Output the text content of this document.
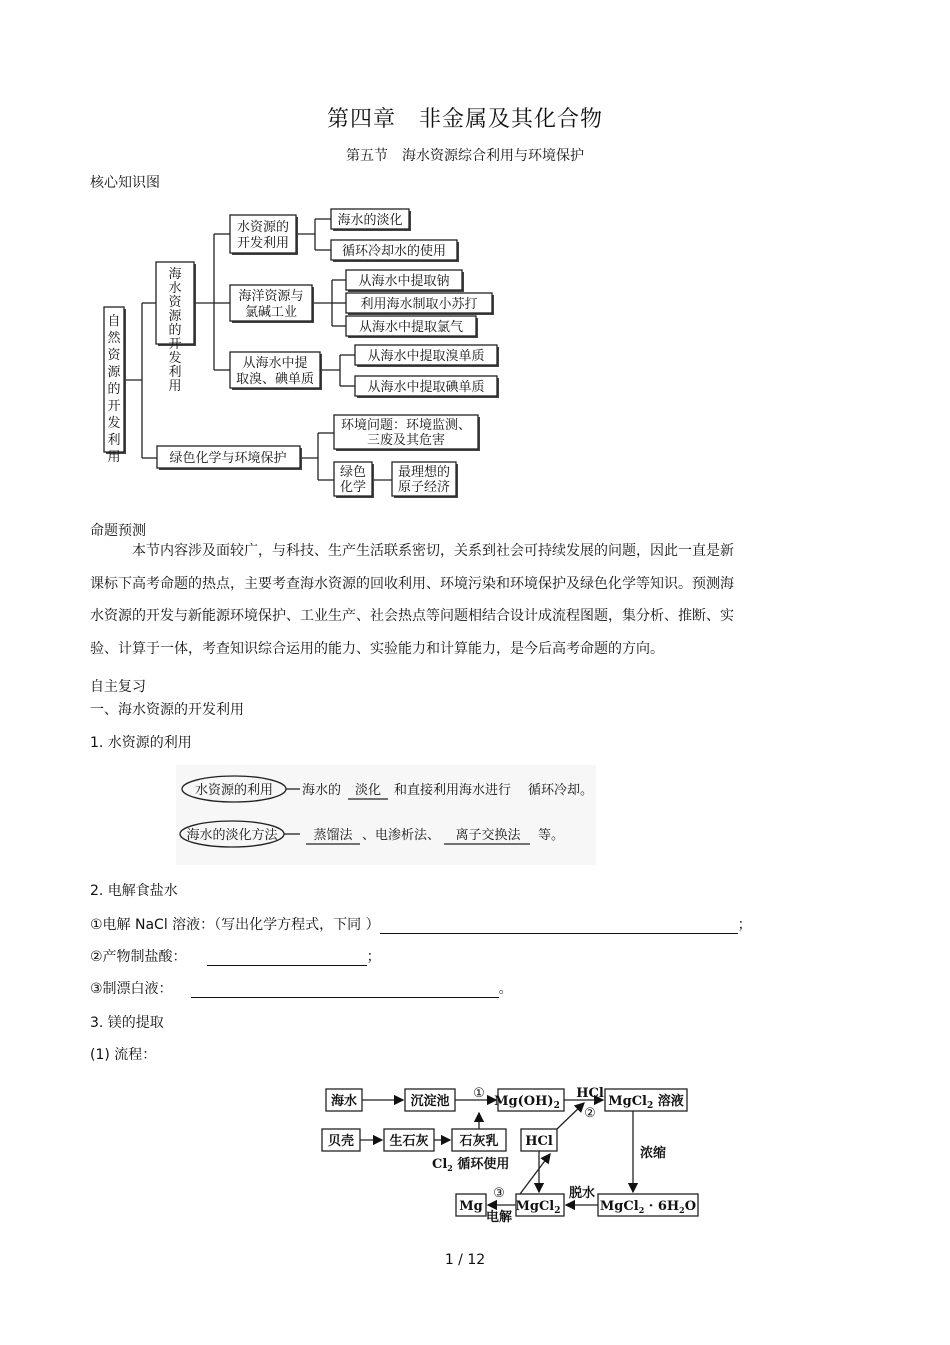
第四章　非金属及其化合物
第五节　海水资源综合利用与环境保护
核心知识图
自然资源的开发利用
海水资源的开发利用
绿色化学与环境保护
水资源的
开发利用
海洋资源与
氯碱工业
从海水中提
取溴、碘单质
海水的淡化
循环冷却水的使用
从海水中提取钠
利用海水制取小苏打
从海水中提取氯气
从海水中提取溴单质
从海水中提取碘单质
环境问题：环境监测、
三废及其危害
绿色
化学
最理想的
原子经济
命题预测

本节内容涉及面较广，与科技、生产生活联系密切，关系到社会可持续发展的问题，因此一直是新

课标下高考命题的热点，主要考查海水资源的回收利用、环境污染和环境保护及绿色化学等知识。预测海

水资源的开发与新能源环境保护、工业生产、社会热点等问题相结合设计成流程图题，集分析、推断、实

验、计算于一体，考查知识综合运用的能力、实验能力和计算能力，是今后高考命题的方向。

自主复习
一、海水资源的开发利用
1. 水资源的利用
水资源的利用 海水的 淡化 和直接利用海水进行 循环冷却。
海水的淡化方法	蒸馏法 、电渗析法、 离子交换法 等。
2. 电解食盐水
①电解 NaCl 溶液：（写出化学方程式，下同 ）	；
②产物制盐酸：	；
③制漂白液：	。
3. 镁的提取
(1) 流程：
海水	沉淀池	$Mg(OH)_2$	MgCl$_2$ 溶液
贝壳	生石灰 石灰乳 HCl
Mg	MgCl$_2$	MgCl$_2$ · $6H_2O$
①	HCl
②
$Cl_2$ 循环使用
浓缩
脱水
③
电解
1 / 12
